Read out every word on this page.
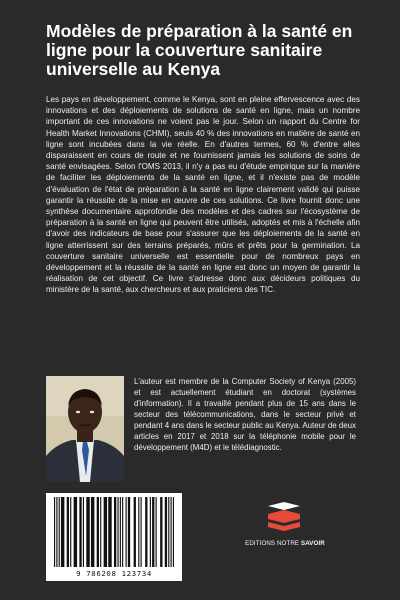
Modèles de préparation à la santé en ligne pour la couverture sanitaire universelle au Kenya

Les pays en développement, comme le Kenya, sont en pleine effervescence avec des innovations et des déploiements de solutions de santé en ligne, mais un nombre important de ces innovations ne voient pas le jour. Selon un rapport du Centre for Health Market Innovations (CHMI), seuls 40 % des innovations en matière de santé en ligne sont incubées dans la vie réelle. En d'autres termes, 60 % d'entre elles disparaissent en cours de route et ne fournissent jamais les solutions de soins de santé envisagées. Selon l'OMS 2013, il n'y a pas eu d'étude empirique sur la manière de faciliter les déploiements de la santé en ligne, et il n'existe pas de modèle d'évaluation de l'état de préparation à la santé en ligne clairement validé qui puisse garantir la réussite de la mise en œuvre de ces solutions. Ce livre fournit donc une synthèse documentaire approfondie des modèles et des cadres sur l'écosystème de préparation à la santé en ligne qui peuvent être utilisés, adoptés et mis à l'échelle afin d'avoir des indicateurs de base pour s'assurer que les déploiements de la santé en ligne atterrissent sur des terrains préparés, mûrs et prêts pour la germination. La couverture sanitaire universelle est essentielle pour de nombreux pays en développement et la réussite de la santé en ligne est donc un moyen de garantir la réalisation de cet objectif. Ce livre s'adresse donc aux décideurs politiques du ministère de la santé, aux chercheurs et aux praticiens des TIC.

L'auteur est membre de la Computer Society of Kenya (2005) et est actuellement étudiant en doctorat (systèmes d'information). Il a travaillé pendant plus de 15 ans dans le secteur des télécommunications, dans le secteur privé et pendant 4 ans dans le secteur public au Kenya. Auteur de deux articles en 2017 et 2018 sur la téléphonie mobile pour le développement (M4D) et le télédiagnostic.

9 786208 123734
EDITIONS NOTRE SAVOIR
